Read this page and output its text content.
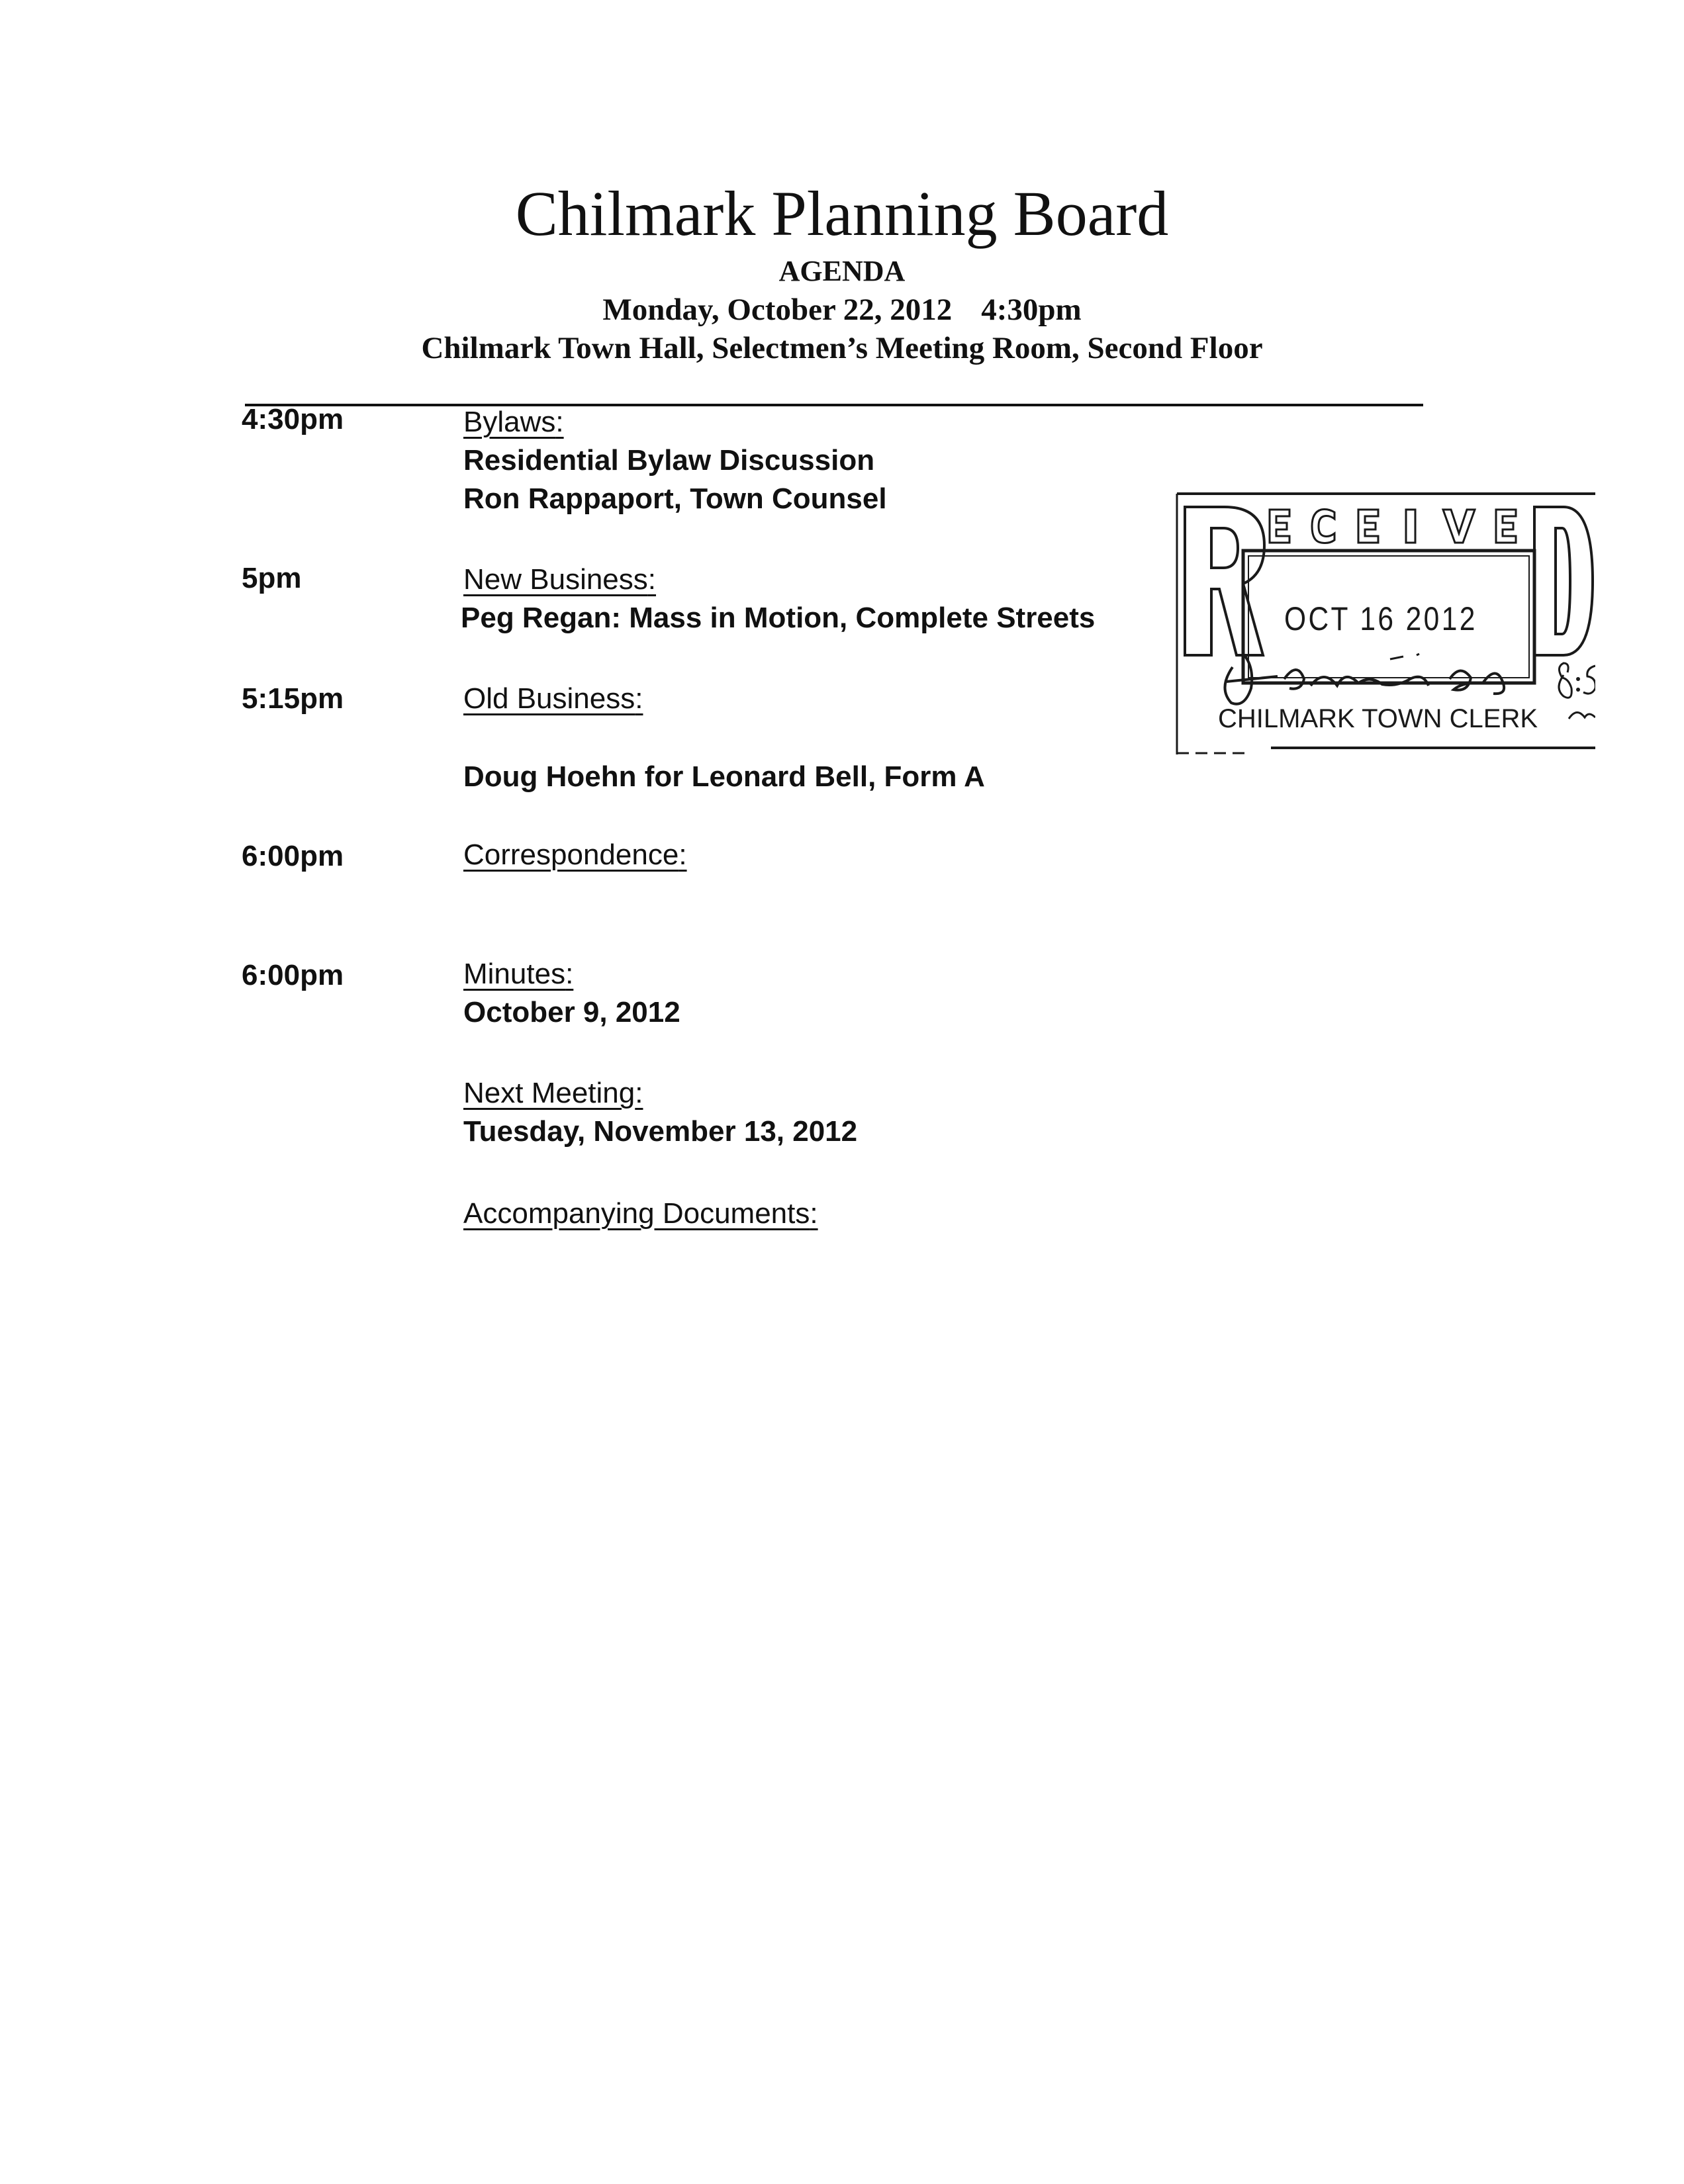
Chilmark Planning Board
AGENDA
Monday, October 22, 2012 4:30pm
Chilmark Town Hall, Selectmen’s Meeting Room, Second Floor
4:30pm	Bylaws:
Residential Bylaw Discussion
Ron Rappaport, Town Counsel
5pm	New Business:
Peg Regan: Mass in Motion, Complete Streets
5:15pm	Old Business:
Doug Hoehn for Leonard Bell, Form A
6:00pm	Correspondence:
6:00pm	Minutes:
October 9, 2012
Next Meeting:
Tuesday, November 13, 2012
Accompanying Documents:
OCT 16 2012
CHILMARK TOWN CLERK
